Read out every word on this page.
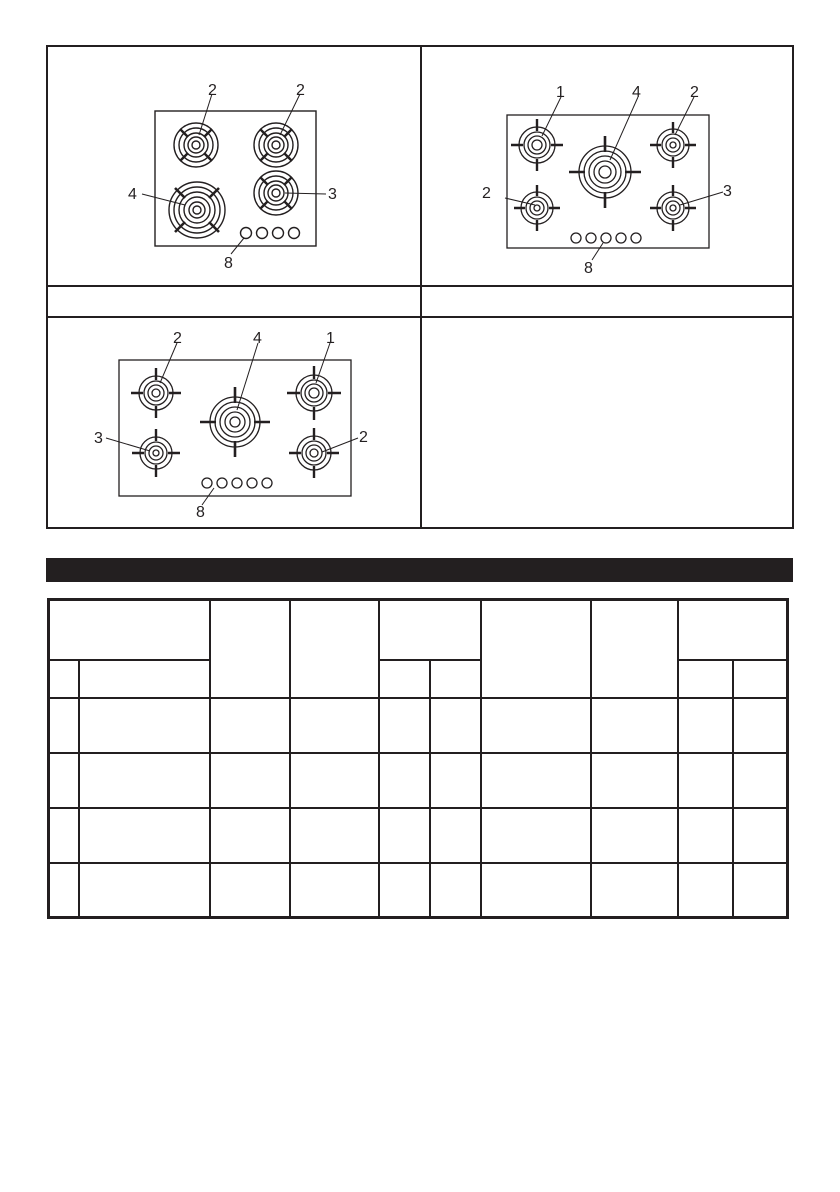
2	2
4	3
8
1	4	2
2	3
8
2	4	1
3	2
8
